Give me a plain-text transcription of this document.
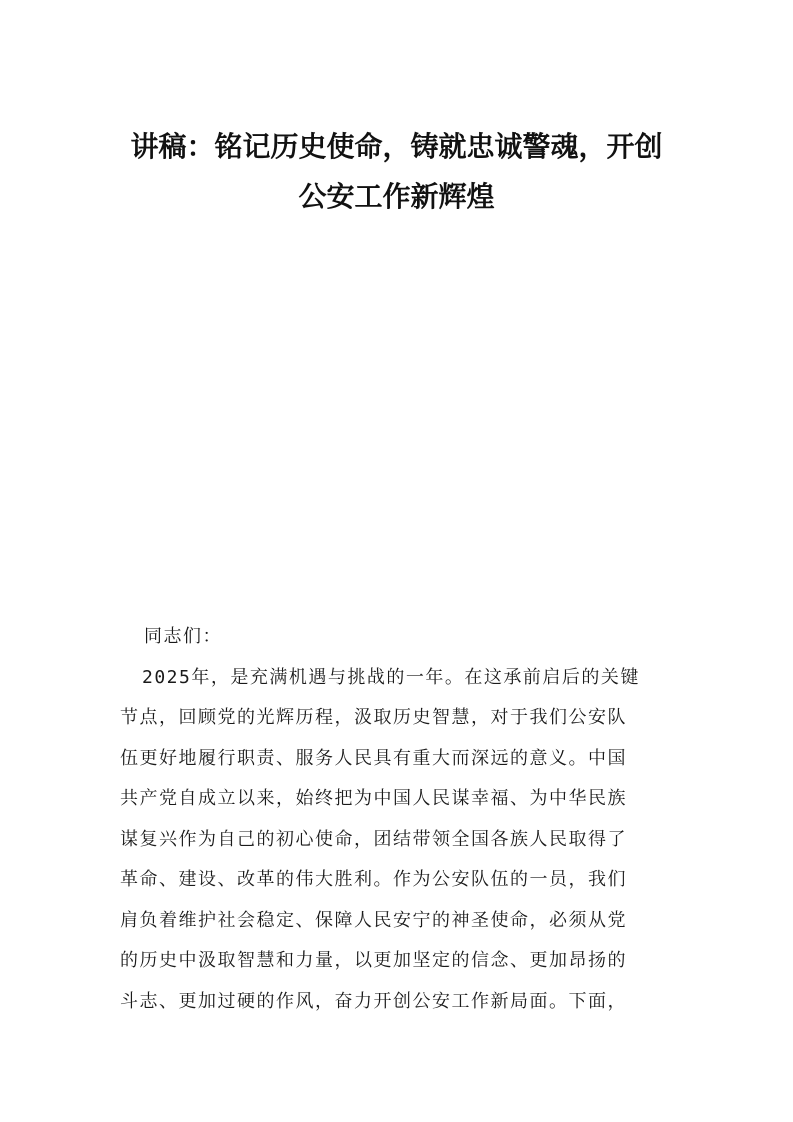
讲稿：铭记历史使命，铸就忠诚警魂，开创
公安工作新辉煌
同志们：
2025年，是充满机遇与挑战的一年。在这承前启后的关键
节点，回顾党的光辉历程，汲取历史智慧，对于我们公安队
伍更好地履行职责、服务人民具有重大而深远的意义。中国
共产党自成立以来，始终把为中国人民谋幸福、为中华民族
谋复兴作为自己的初心使命，团结带领全国各族人民取得了
革命、建设、改革的伟大胜利。作为公安队伍的一员，我们
肩负着维护社会稳定、保障人民安宁的神圣使命，必须从党
的历史中汲取智慧和力量，以更加坚定的信念、更加昂扬的
斗志、更加过硬的作风，奋力开创公安工作新局面。下面，
